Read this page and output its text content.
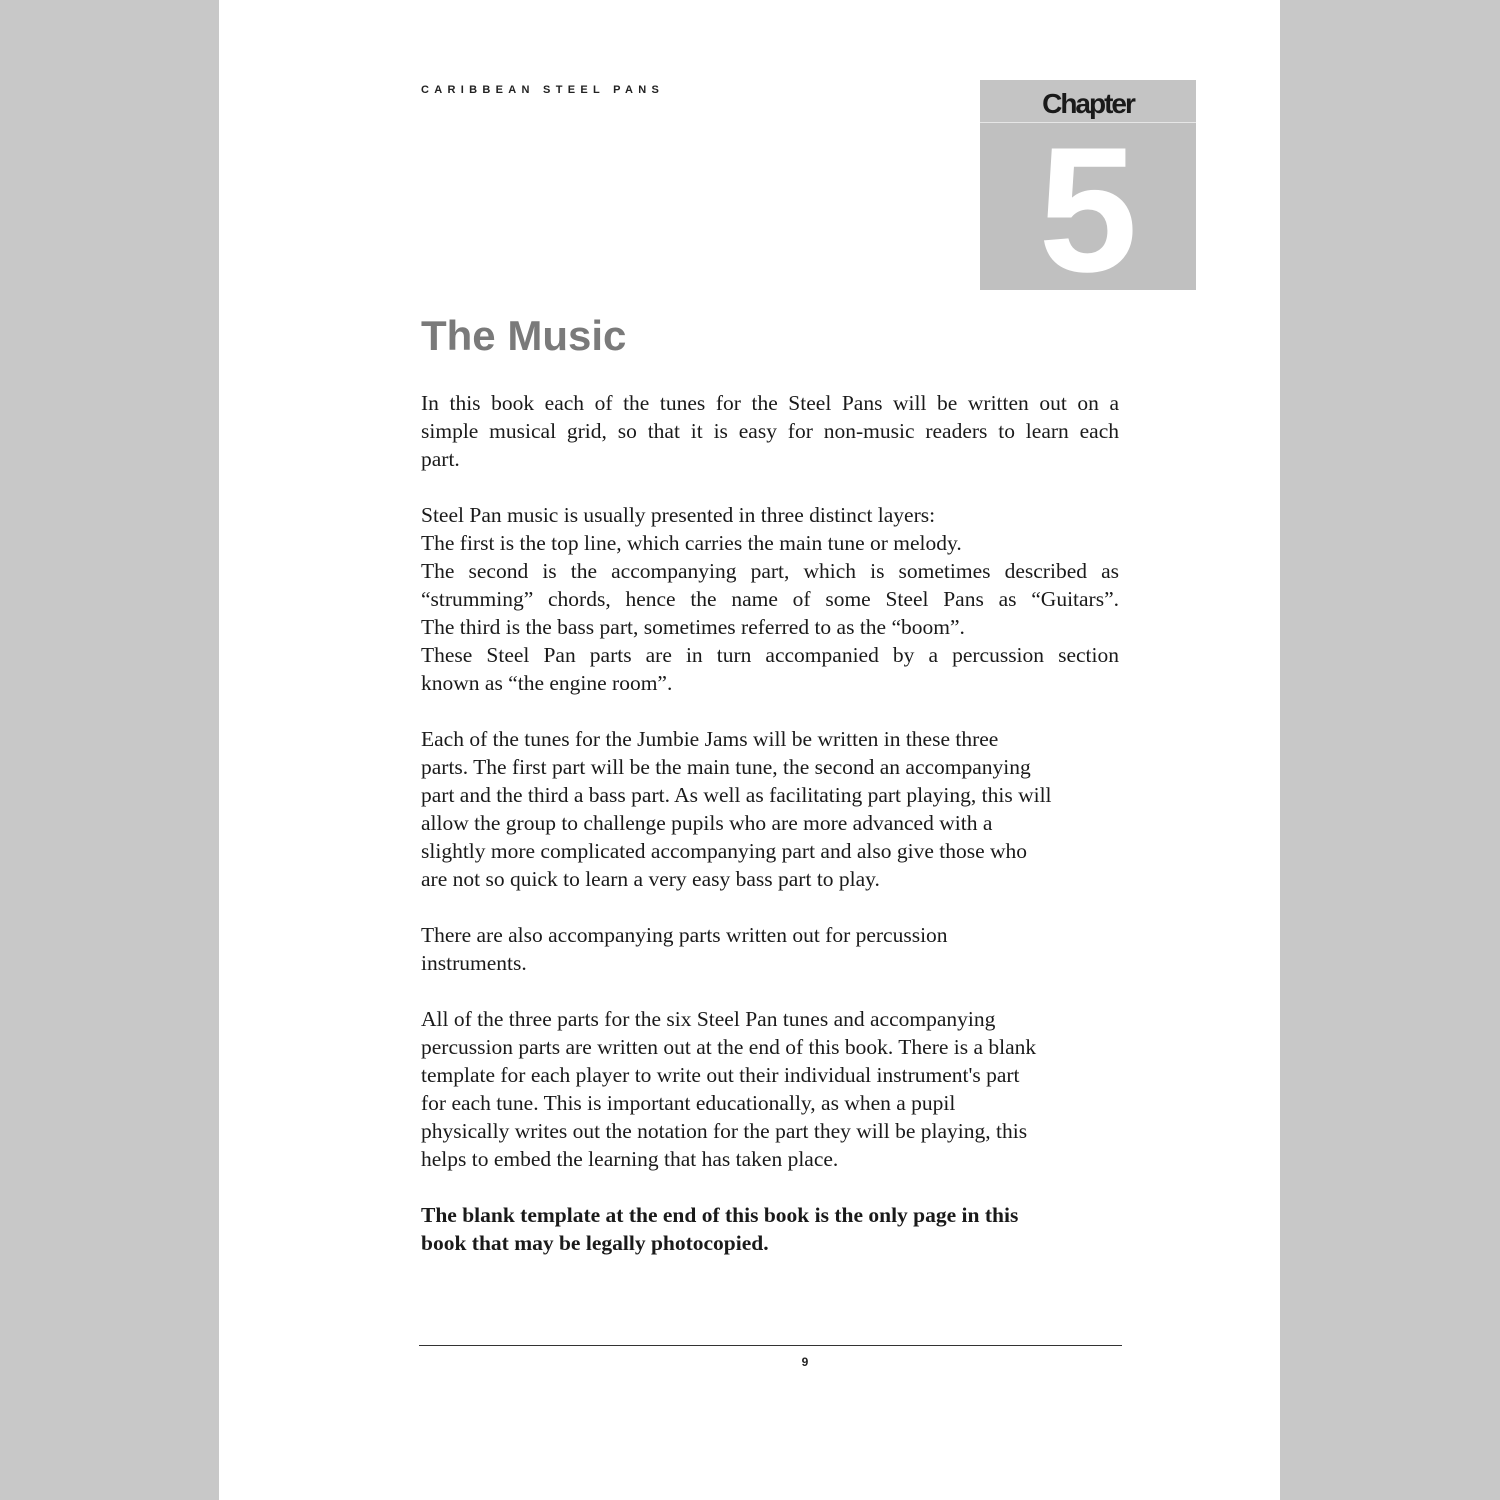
CARIBBEAN STEEL PANS	Chapter
5
The Music

In this book each of the tunes for the Steel Pans will be written out on a
simple musical grid, so that it is easy for non-music readers to learn each
part.

Steel Pan music is usually presented in three distinct layers:
The first is the top line, which carries the main tune or melody.
The second is the accompanying part, which is sometimes described as
“strumming” chords, hence the name of some Steel Pans as “Guitars”.
The third is the bass part, sometimes referred to as the “boom”.
These Steel Pan parts are in turn accompanied by a percussion section
known as “the engine room”.

Each of the tunes for the Jumbie Jams will be written in these three
parts. The first part will be the main tune, the second an accompanying
part and the third a bass part. As well as facilitating part playing, this will
allow the group to challenge pupils who are more advanced with a
slightly more complicated accompanying part and also give those who
are not so quick to learn a very easy bass part to play.

There are also accompanying parts written out for percussion
instruments.

All of the three parts for the six Steel Pan tunes and accompanying
percussion parts are written out at the end of this book. There is a blank
template for each player to write out their individual instrument's part
for each tune. This is important educationally, as when a pupil
physically writes out the notation for the part they will be playing, this
helps to embed the learning that has taken place.

The blank template at the end of this book is the only page in this
book that may be legally photocopied.

9
